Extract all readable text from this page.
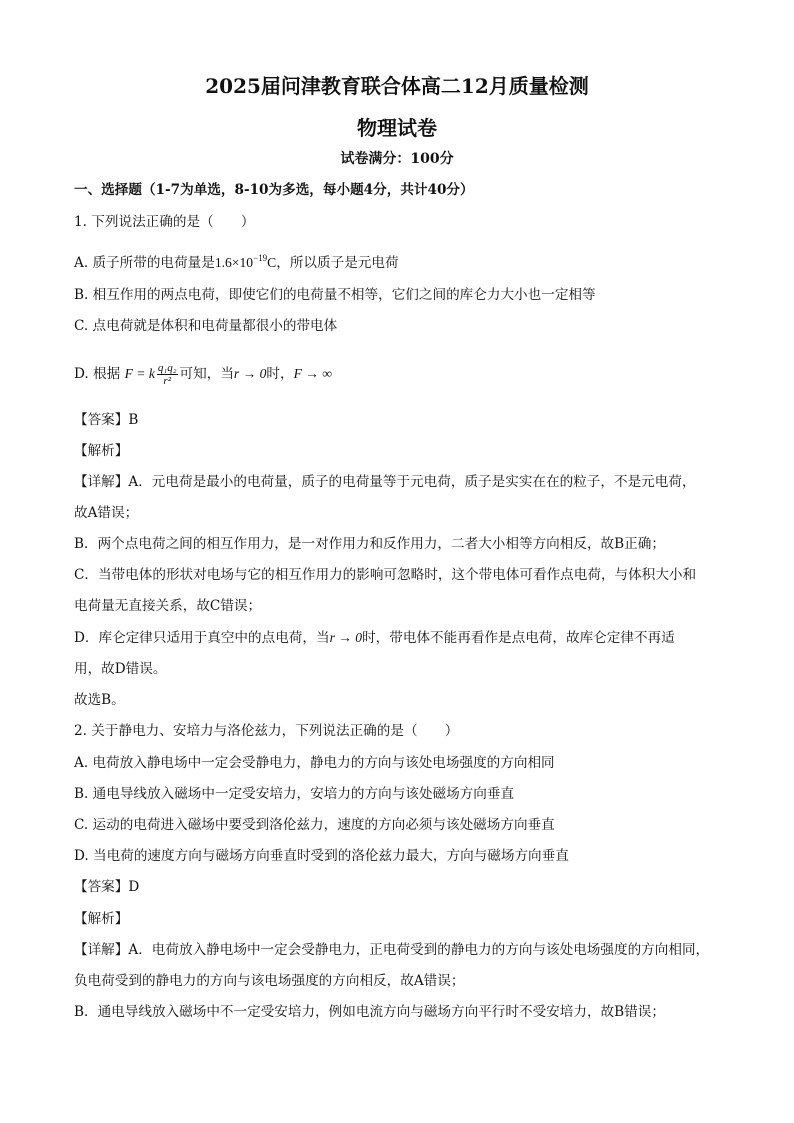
2025届问津教育联合体高二12月质量检测
物理试卷
试卷满分：100分
一、选择题（1-7为单选，8-10为多选，每小题4分，共计40分）
1. 下列说法正确的是（　　）
A. 质子所带的电荷量是$1.6\times 10^{-19}C$，所以质子是元电荷
B. 相互作用的两点电荷，即使它们的电荷量不相等，它们之间的库仑力大小也一定相等
C. 点电荷就是体积和电荷量都很小的带电体
D. 根据 F = k $\frac{\text{q₁q₂}}{\text{r²}}$ 可知，当r → 0时，F → ∞
【答案】B
【解析】
【详解】A．元电荷是最小的电荷量，质子的电荷量等于元电荷，质子是实实在在的粒子，不是元电荷，
故A错误；
B．两个点电荷之间的相互作用力，是一对作用力和反作用力，二者大小相等方向相反，故B正确；
C．当带电体的形状对电场与它的相互作用力的影响可忽略时，这个带电体可看作点电荷，与体积大小和
电荷量无直接关系，故C错误；
D．库仑定律只适用于真空中的点电荷，当r → 0时，带电体不能再看作是点电荷，故库仑定律不再适
用，故D错误。
故选B。
2. 关于静电力、安培力与洛伦兹力，下列说法正确的是（　　）
A. 电荷放入静电场中一定会受静电力，静电力的方向与该处电场强度的方向相同
B. 通电导线放入磁场中一定受安培力，安培力的方向与该处磁场方向垂直
C. 运动的电荷进入磁场中要受到洛伦兹力，速度的方向必须与该处磁场方向垂直
D. 当电荷的速度方向与磁场方向垂直时受到的洛伦兹力最大，方向与磁场方向垂直
【答案】D
【解析】
【详解】A．电荷放入静电场中一定会受静电力，正电荷受到的静电力的方向与该处电场强度的方向相同，
负电荷受到的静电力的方向与该电场强度的方向相反，故A错误；
B．通电导线放入磁场中不一定受安培力，例如电流方向与磁场方向平行时不受安培力，故B错误；
